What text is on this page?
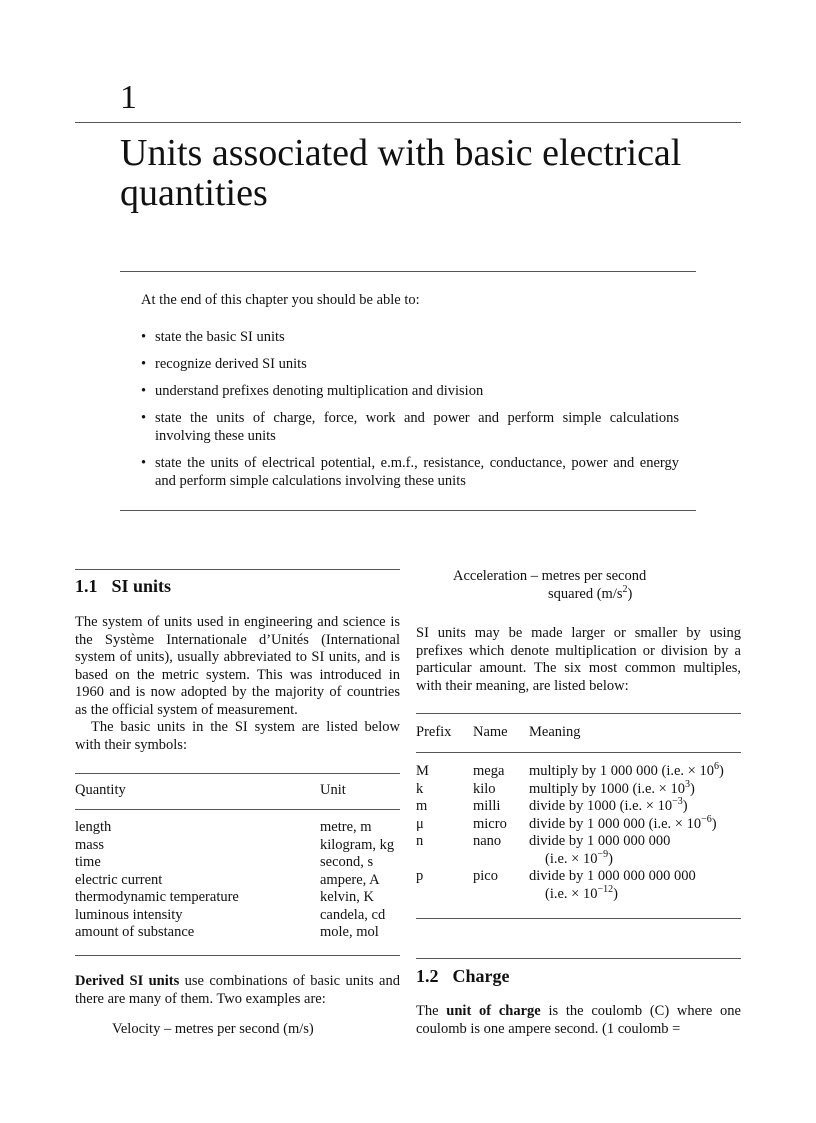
1
Units associated with basic electrical quantities
At the end of this chapter you should be able to:
• state the basic SI units
• recognize derived SI units
• understand prefixes denoting multiplication and division
• state the units of charge, force, work and power and perform simple calculations involving these units
• state the units of electrical potential, e.m.f., resistance, conductance, power and energy and perform simple calculations involving these units
1.1 SI units

The system of units used in engineering and science is the Système Internationale d’Unités (International system of units), usually abbreviated to SI units, and is based on the metric system. This was introduced in 1960 and is now adopted by the majority of countries as the official system of measurement.

The basic units in the SI system are listed below with their symbols:

Quantity	Unit
length	metre, m
mass	kilogram, kg
time	second, s
electric current	ampere, A
thermodynamic temperature	kelvin, K
luminous intensity	candela, cd
amount of substance	mole, mol
Derived SI units use combinations of basic units and there are many of them. Two examples are:
Velocity – metres per second (m/s)
Acceleration – metres per second
squared $(m/s^2)$
SI units may be made larger or smaller by using prefixes which denote multiplication or division by a particular amount. The six most common multiples, with their meaning, are listed below:
Prefix	Name	Meaning
M	mega	multiply by 1 000 000 (i.e. × $10^6$)
k	kilo	multiply by 1000 (i.e. × $10^3$)
m	milli	divide by 1000 (i.e. × $10^{-3}$)
μ	micro	divide by 1 000 000 (i.e. × $10^{-6}$)
n	nano	divide by 1 000 000 000
(i.e. × $10^{-9}$)

p	pico	divide by 1 000 000 000 000
(i.e. × $10^{-12}$)
1.2 Charge
The unit of charge is the coulomb (C) where one coulomb is one ampere second. (1 coulomb =
